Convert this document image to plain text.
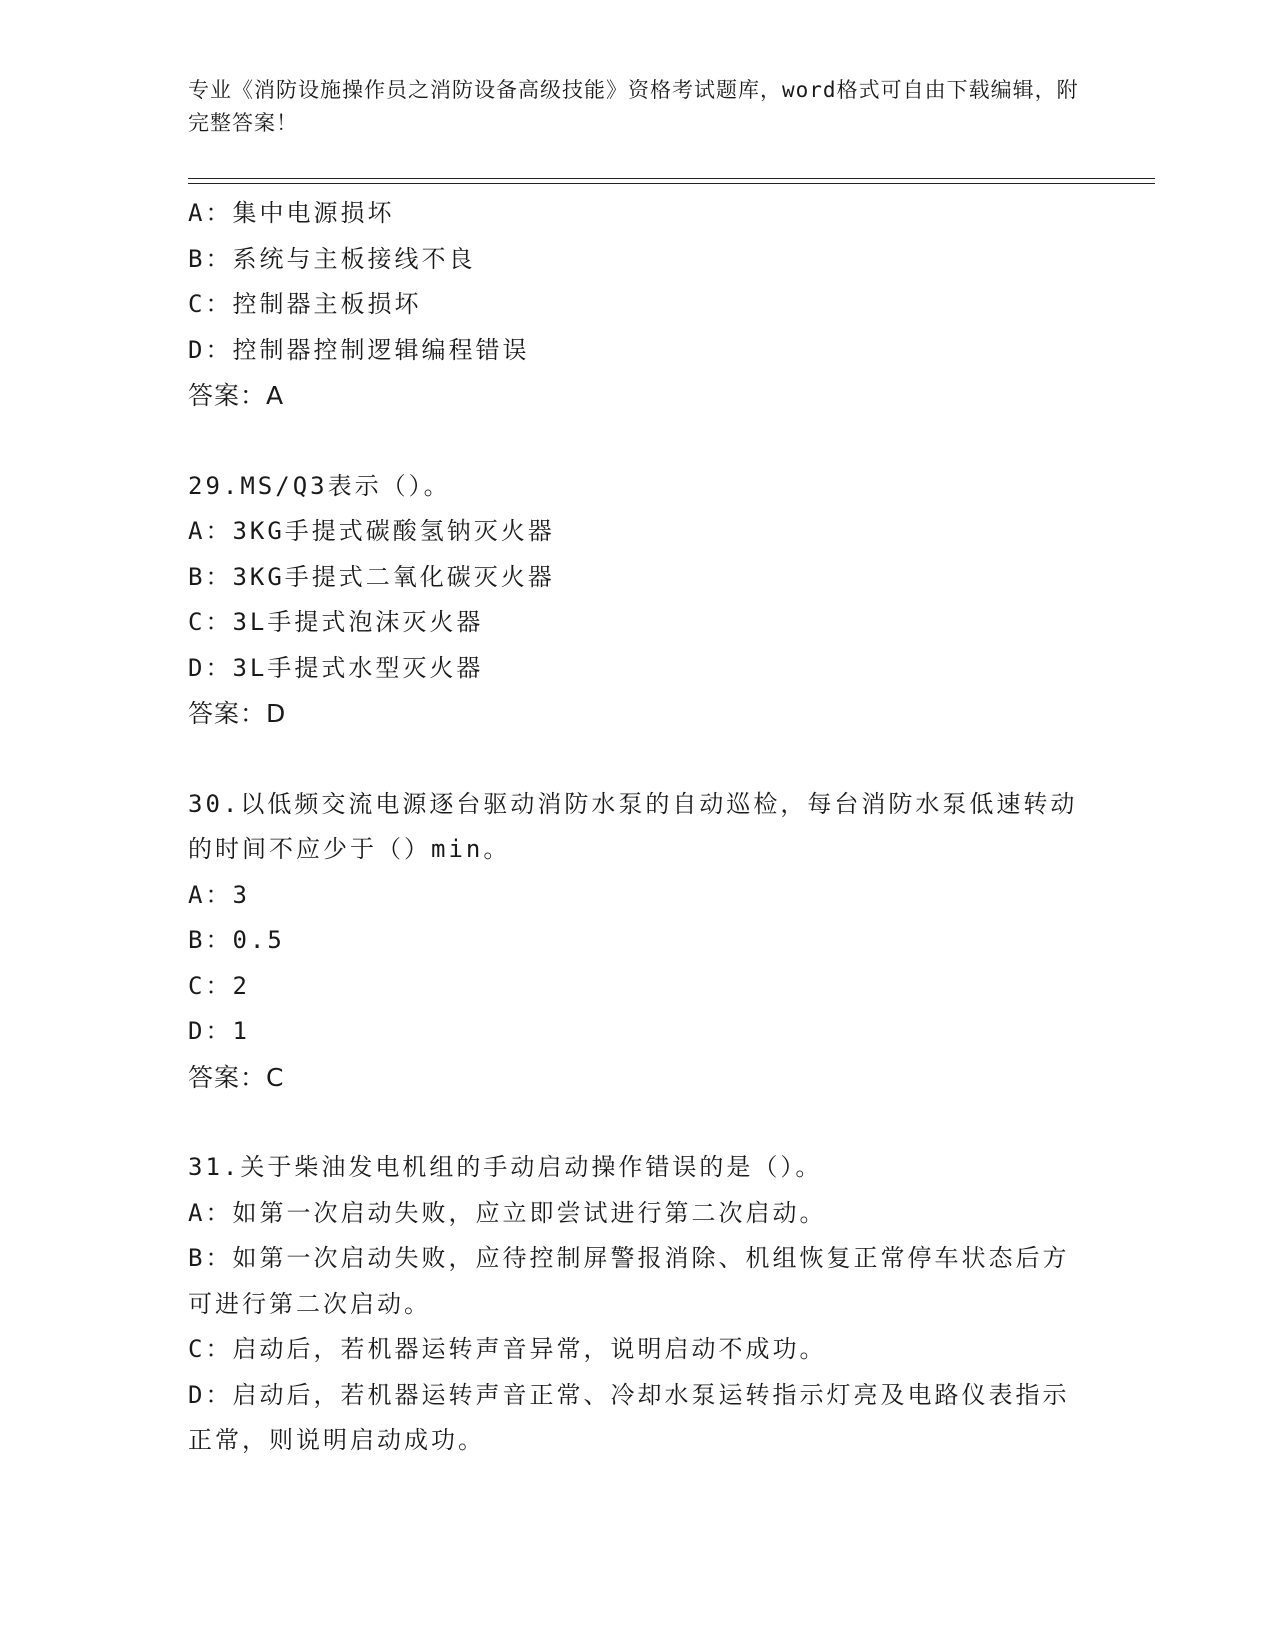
专业《消防设施操作员之消防设备高级技能》资格考试题库，word格式可自由下载编辑，附完整答案！
A：集中电源损坏
B：系统与主板接线不良
C：控制器主板损坏
D：控制器控制逻辑编程错误
答案：A
29.MS/Q3表示（）。
A：3KG手提式碳酸氢钠灭火器
B：3KG手提式二氧化碳灭火器
C：3L手提式泡沫灭火器
D：3L手提式水型灭火器
答案：D
30.以低频交流电源逐台驱动消防水泵的自动巡检，每台消防水泵低速转动的时间不应少于（）min。
A：3
B：0.5
C：2
D：1
答案：C
31.关于柴油发电机组的手动启动操作错误的是（）。
A：如第一次启动失败，应立即尝试进行第二次启动。
B：如第一次启动失败，应待控制屏警报消除、机组恢复正常停车状态后方可进行第二次启动。
C：启动后，若机器运转声音异常，说明启动不成功。
D：启动后，若机器运转声音正常、冷却水泵运转指示灯亮及电路仪表指示正常，则说明启动成功。
